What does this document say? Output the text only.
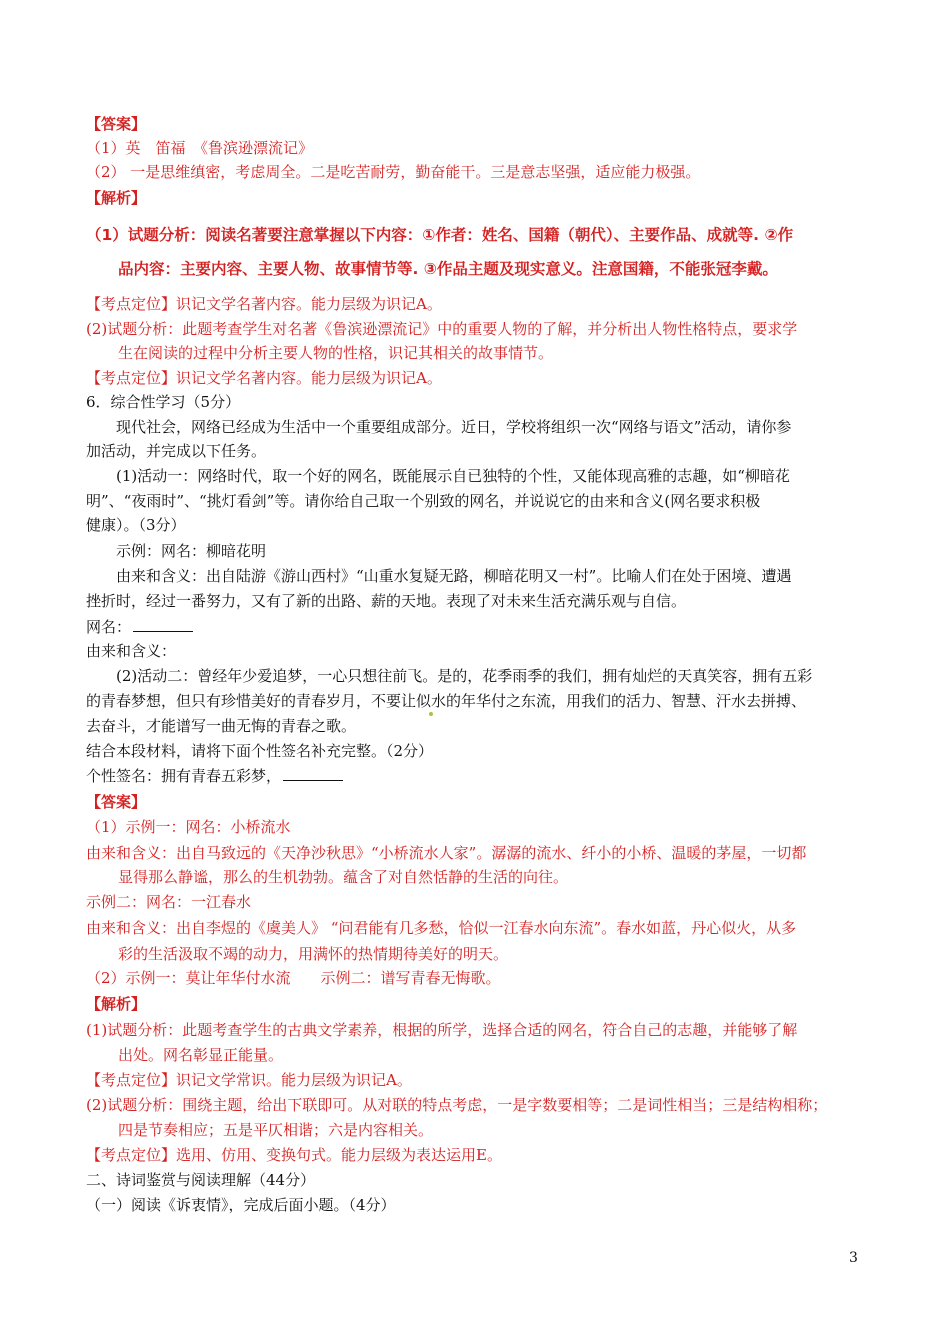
【答案】
（1）英　笛福　《鲁滨逊漂流记》
（2） 一是思维缜密，考虑周全。二是吃苦耐劳，勤奋能干。三是意志坚强，适应能力极强。
【解析】
（1）试题分析：阅读名著要注意掌握以下内容：①作者：姓名、国籍（朝代）、主要作品、成就等. ②作
品内容：主要内容、主要人物、故事情节等. ③作品主题及现实意义。注意国籍，不能张冠李戴。
【考点定位】识记文学名著内容。能力层级为识记A。
(2)试题分析：此题考查学生对名著《鲁滨逊漂流记》中的重要人物的了解，并分析出人物性格特点，要求学
生在阅读的过程中分析主要人物的性格，识记其相关的故事情节。
【考点定位】识记文学名著内容。能力层级为识记A。
6．综合性学习（5分）
现代社会，网络已经成为生活中一个重要组成部分。近日，学校将组织一次“网络与语文”活动，请你参
加活动，并完成以下任务。
(1)活动一：网络时代，取一个好的网名，既能展示自已独特的个性，又能体现高雅的志趣，如“柳暗花
明”、“夜雨时”、“挑灯看剑”等。请你给自己取一个别致的网名，并说说它的由来和含义(网名要求积极
健康）。（3分）
示例：网名：柳暗花明
由来和含义：出自陆游《游山西村》“山重水复疑无路，柳暗花明又一村”。比喻人们在处于困境、遭遇
挫折时，经过一番努力，又有了新的出路、薪的天地。表现了对未来生活充满乐观与自信。
网名：
由来和含义：
(2)活动二：曾经年少爱追梦，一心只想往前飞。是的，花季雨季的我们，拥有灿烂的天真笑容，拥有五彩
的青春梦想，但只有珍惜美好的青春岁月，不要让似水的年华付之东流，用我们的活力、智慧、汗水去拼搏、
去奋斗，才能谱写一曲无悔的青春之歌。
结合本段材料，请将下面个性签名补充完整。（2分）
个性签名：拥有青春五彩梦，
【答案】
（1）示例一：网名：小桥流水
由来和含义：出自马致远的《天净沙秋思》“小桥流水人家”。潺潺的流水、纤小的小桥、温暖的茅屋，一切都
显得那么静谧，那么的生机勃勃。蕴含了对自然恬静的生活的向往。
示例二：网名：一江春水
由来和含义：出自李煜的《虞美人》 “问君能有几多愁，恰似一江春水向东流”。春水如蓝，丹心似火，从多
彩的生活汲取不竭的动力，用满怀的热情期待美好的明天。
（2）示例一：莫让年华付水流　　示例二：谱写青春无悔歌。
【解析】
(1)试题分析：此题考查学生的古典文学素养，根据的所学，选择合适的网名，符合自己的志趣，并能够了解
出处。网名彰显正能量。
【考点定位】识记文学常识。能力层级为识记A。
(2)试题分析：围绕主题，给出下联即可。从对联的特点考虑，一是字数要相等；二是词性相当；三是结构相称；
四是节奏相应；五是平仄相谐；六是内容相关。
【考点定位】选用、仿用、变换句式。能力层级为表达运用E。
二、诗词鉴赏与阅读理解（44分）
（一）阅读《诉衷情》，完成后面小题。（4分）
3
